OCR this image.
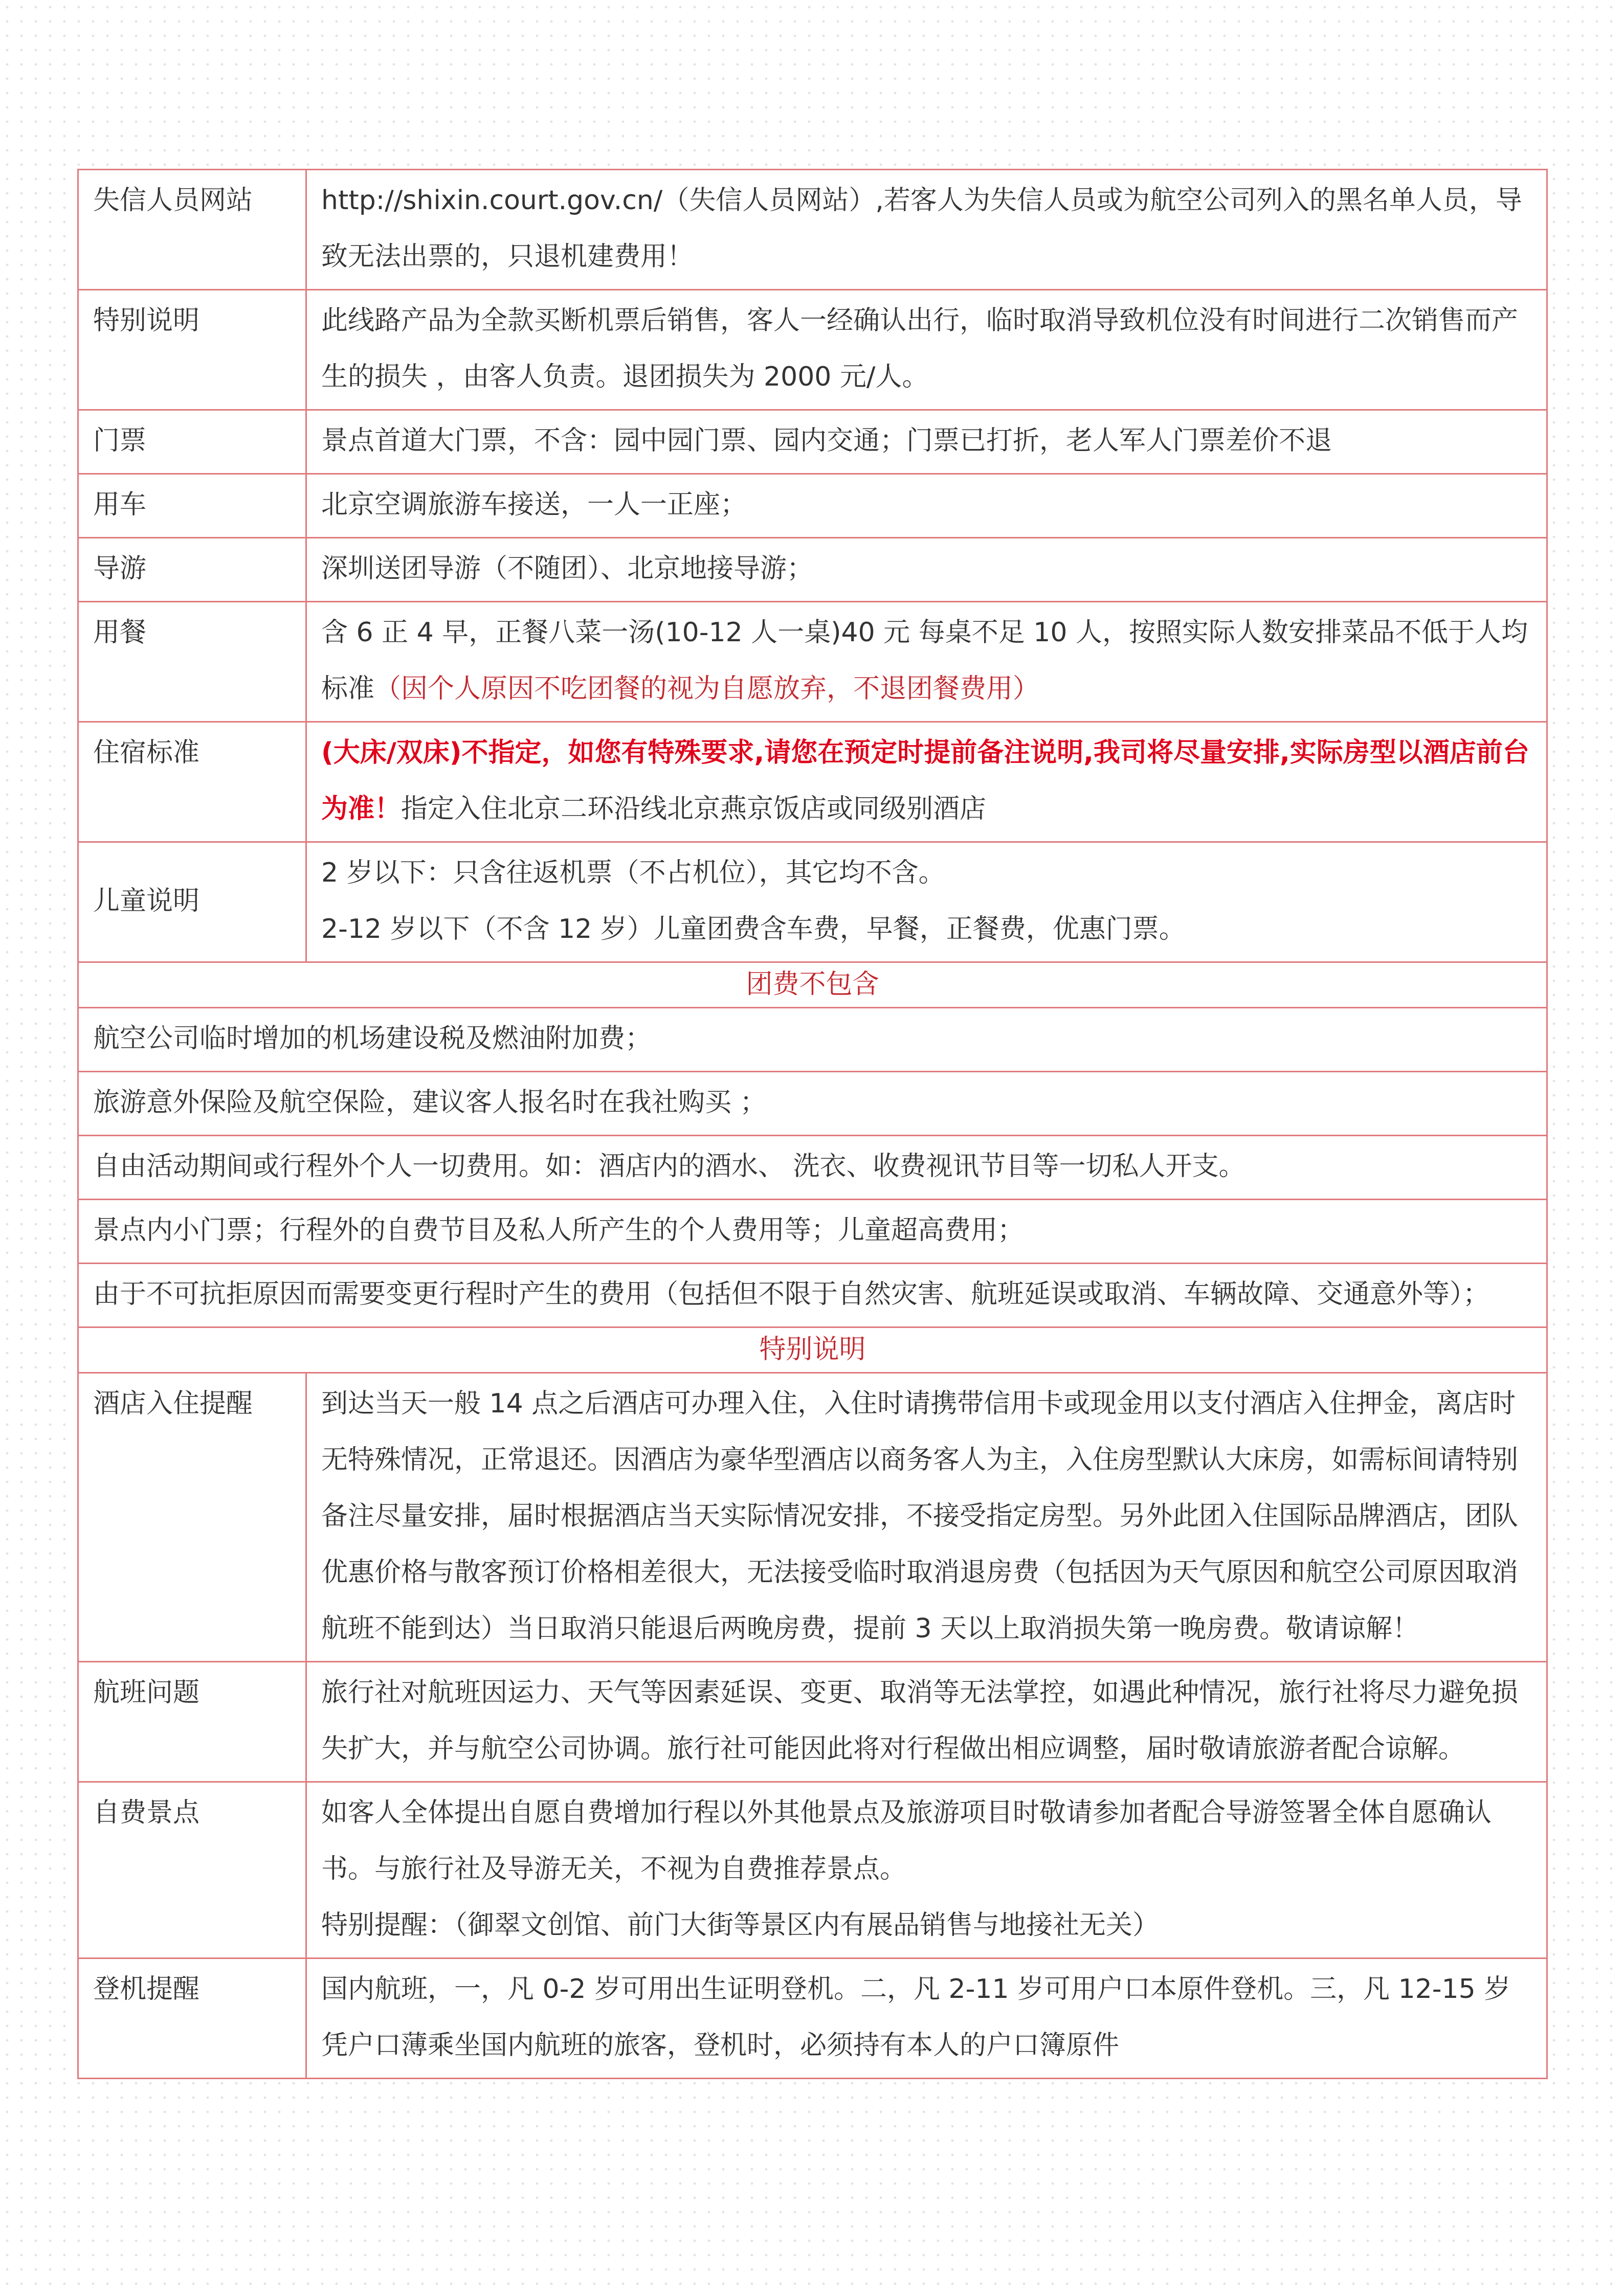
失信人员网站	http://shixin.court.gov.cn/（失信人员网站）,若客人为失信人员或为航空公司列入的黑名单人员，导致无法出票的，只退机建费用！
特别说明	此线路产品为全款买断机票后销售，客人一经确认出行，临时取消导致机位没有时间进行二次销售而产生的损失 ，由客人负责。退团损失为 2000 元/人。
门票	景点首道大门票，不含：园中园门票、园内交通；门票已打折，老人军人门票差价不退
用车	北京空调旅游车接送，一人一正座；
导游	深圳送团导游（不随团）、北京地接导游；
用餐	含 6 正 4 早，正餐八菜一汤(10-12 人一桌)40 元 每桌不足 10 人，按照实际人数安排菜品不低于人均标准（因个人原因不吃团餐的视为自愿放弃，不退团餐费用）
住宿标准	(大床/双床)不指定，如您有特殊要求,请您在预定时提前备注说明,我司将尽量安排,实际房型以酒店前台为准！指定入住北京二环沿线北京燕京饭店或同级别酒店
儿童说明	2 岁以下：只含往返机票（不占机位），其它均不含。
2-12 岁以下（不含 12 岁）儿童团费含车费，早餐，正餐费，优惠门票。

团费不包含	
航空公司临时增加的机场建设税及燃油附加费；	
旅游意外保险及航空保险，建议客人报名时在我社购买 ；	
自由活动期间或行程外个人一切费用。如：酒店内的酒水、 洗衣、收费视讯节目等一切私人开支。	
景点内小门票；行程外的自费节目及私人所产生的个人费用等；儿童超高费用；	
由于不可抗拒原因而需要变更行程时产生的费用（包括但不限于自然灾害、航班延误或取消、车辆故障、交通意外等）；	
特别说明	
酒店入住提醒	到达当天一般 14 点之后酒店可办理入住，入住时请携带信用卡或现金用以支付酒店入住押金，离店时无特殊情况，正常退还。因酒店为豪华型酒店以商务客人为主，入住房型默认大床房，如需标间请特别备注尽量安排，届时根据酒店当天实际情况安排，不接受指定房型。另外此团入住国际品牌酒店，团队优惠价格与散客预订价格相差很大，无法接受临时取消退房费（包括因为天气原因和航空公司原因取消航班不能到达）当日取消只能退后两晚房费，提前 3 天以上取消损失第一晚房费。敬请谅解！
航班问题	旅行社对航班因运力、天气等因素延误、变更、取消等无法掌控，如遇此种情况，旅行社将尽力避免损失扩大，并与航空公司协调。旅行社可能因此将对行程做出相应调整，届时敬请旅游者配合谅解。
自费景点	如客人全体提出自愿自费增加行程以外其他景点及旅游项目时敬请参加者配合导游签署全体自愿确认书。与旅行社及导游无关，不视为自费推荐景点。
特别提醒：（御翠文创馆、前门大街等景区内有展品销售与地接社无关）

登机提醒	国内航班，一，凡 0-2 岁可用出生证明登机。二，凡 2-11 岁可用户口本原件登机。三，凡 12-15 岁凭户口薄乘坐国内航班的旅客，登机时，必须持有本人的户口簿原件
